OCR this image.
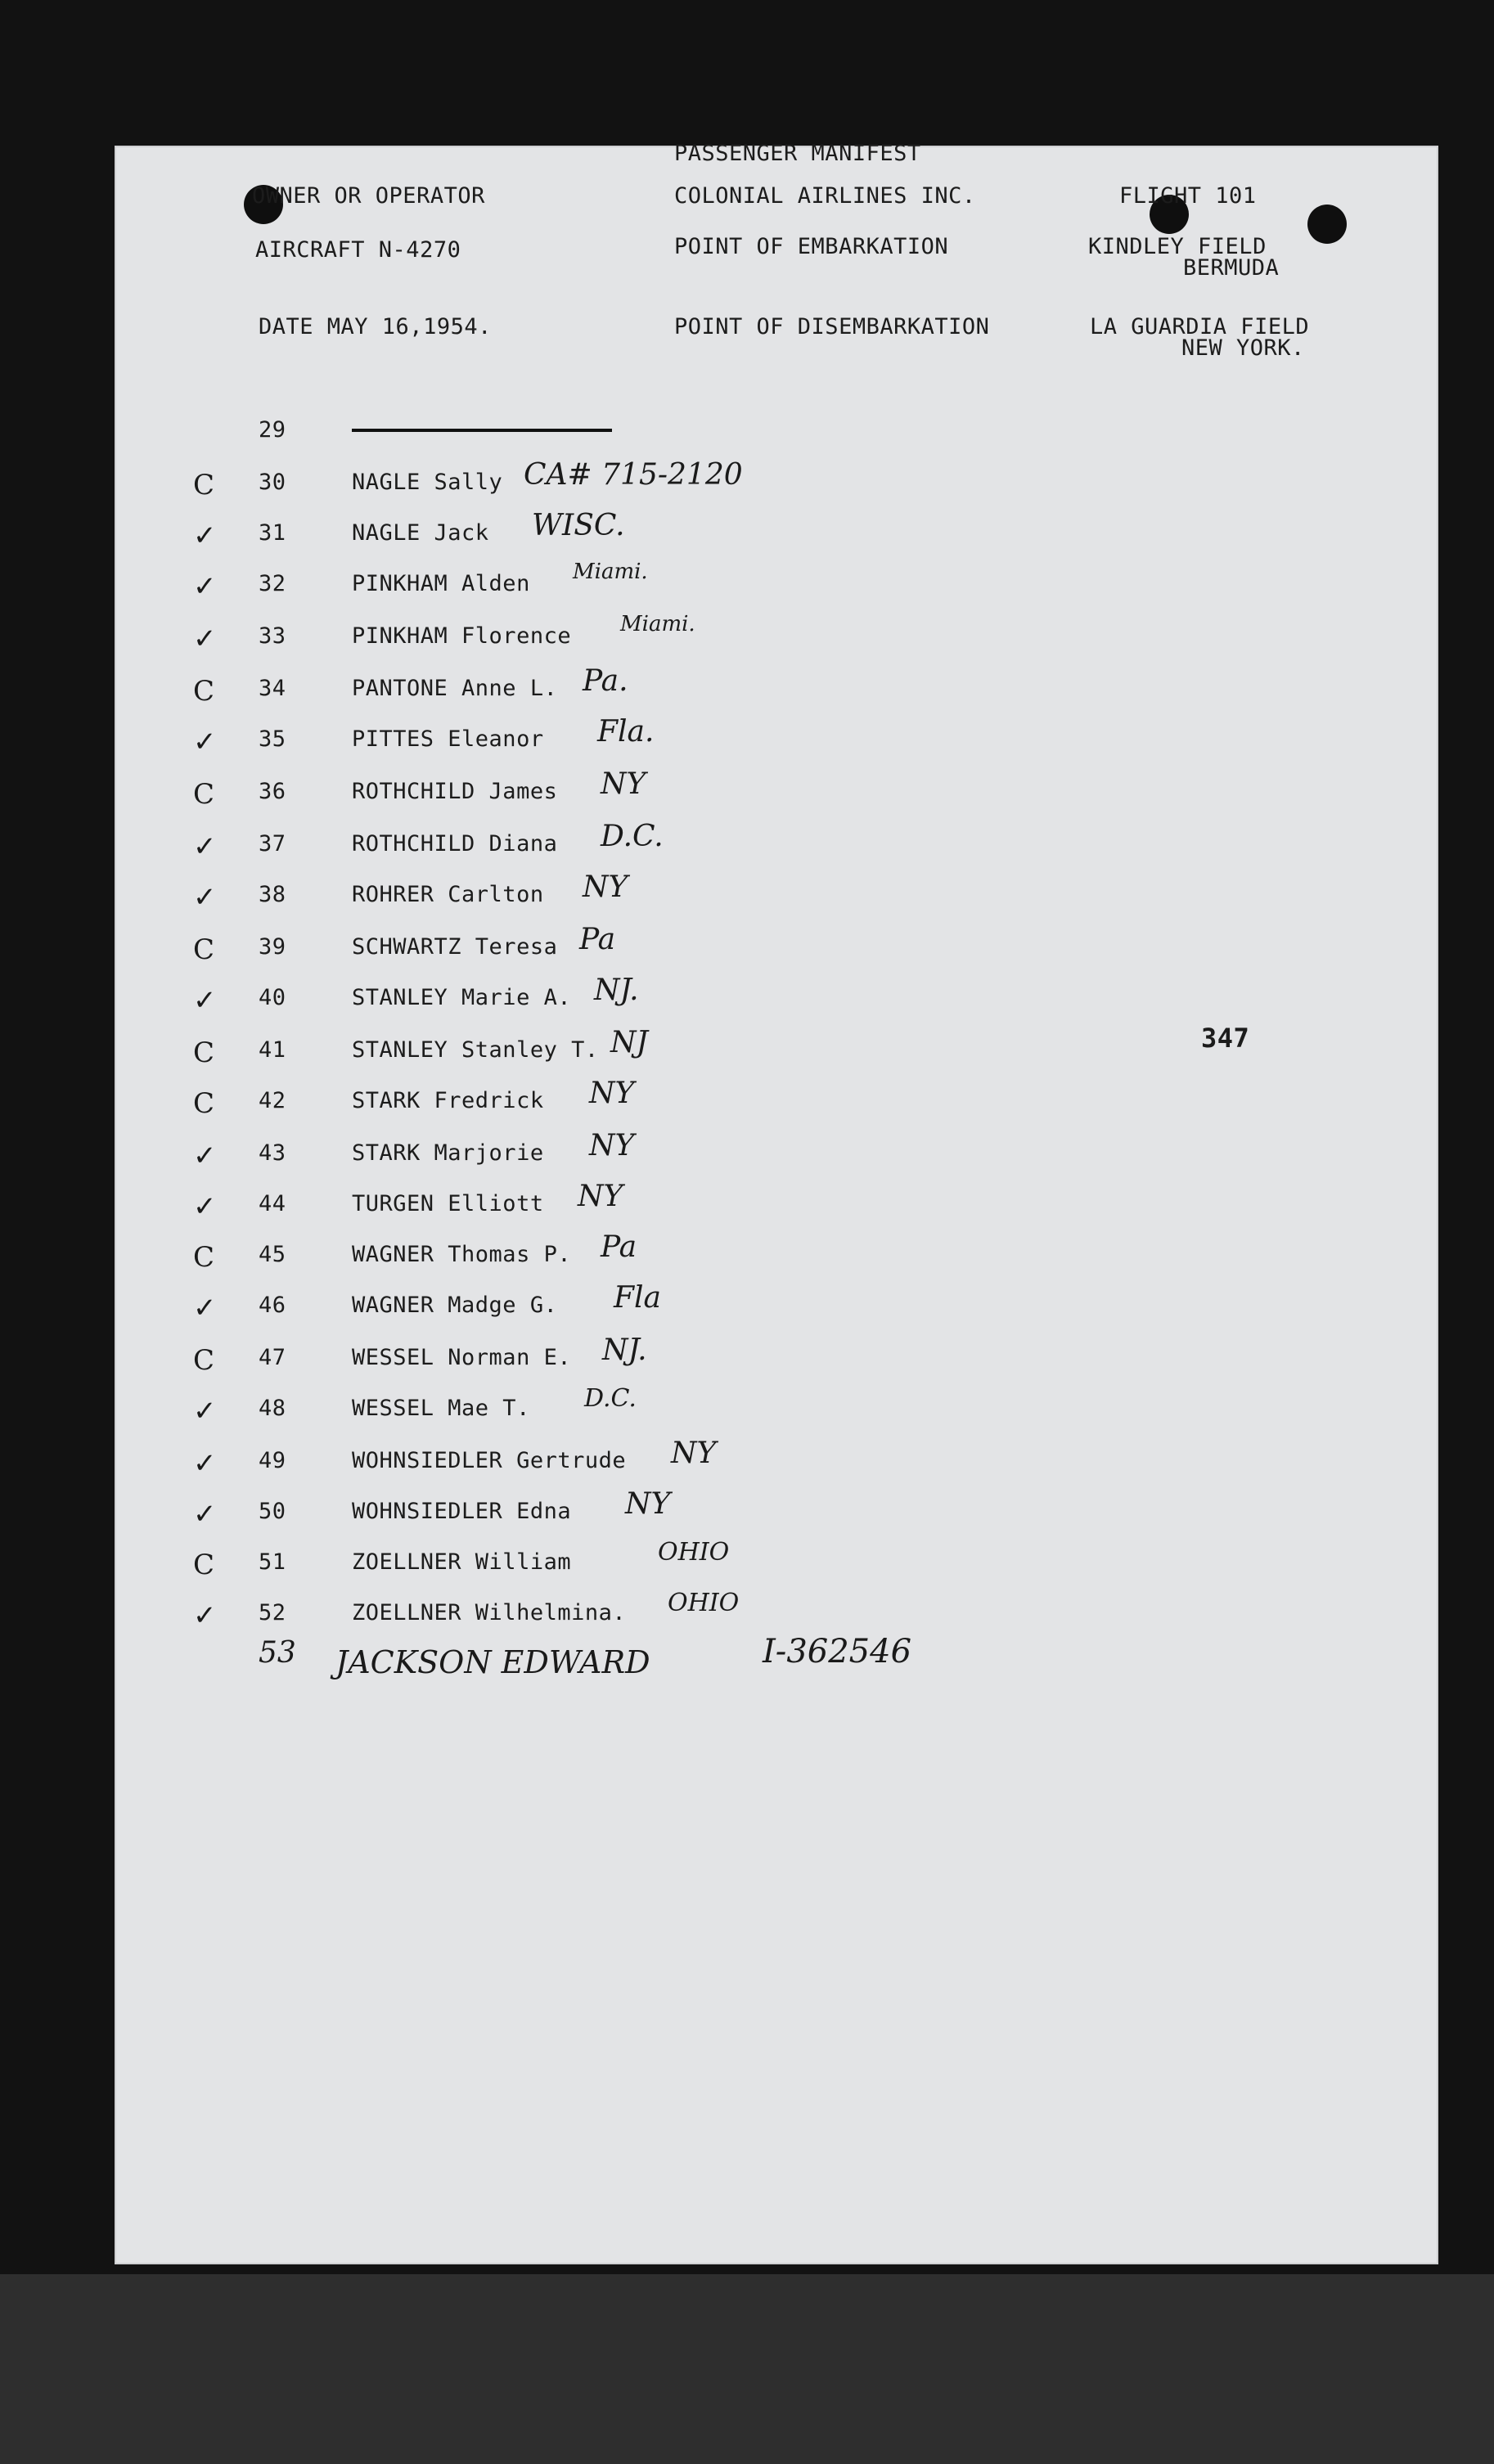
PASSENGER MANIFEST
OWNER OR OPERATOR	COLONIAL AIRLINES INC.	FLIGHT 101
AIRCRAFT N-4270	POINT OF EMBARKATION	KINDLEY FIELD
BERMUDA
DATE MAY 16,1954.	POINT OF DISEMBARKATION	LA GUARDIA FIELD
NEW YORK.
347
29
C 30	NAGLE Sally CA# 715-2120
✓ 31	NAGLE Jack WISC.
✓ 32	PINKHAM Alden Miami.
✓ 33	PINKHAM Florence Miami.
C 34	PANTONE Anne L. Pa.
✓ 35	PITTES Eleanor Fla.
C 36	ROTHCHILD James NY
✓ 37	ROTHCHILD Diana D.C.
✓ 38	ROHRER Carlton NY
C 39	SCHWARTZ Teresa Pa
✓ 40	STANLEY Marie A. NJ.
C 41	STANLEY Stanley T. NJ
C 42	STARK Fredrick NY
✓ 43	STARK Marjorie NY
✓ 44	TURGEN Elliott NY
C 45	WAGNER Thomas P. Pa
✓ 46	WAGNER Madge G. Fla
C 47	WESSEL Norman E. NJ.
✓ 48	WESSEL Mae T. D.C.
✓ 49	WOHNSIEDLER Gertrude NY
✓ 50	WOHNSIEDLER Edna NY
C 51	ZOELLNER William	OHIO
✓ 52	ZOELLNER Wilhelmina. OHIO
53 JACKSON EDWARD	I-362546
